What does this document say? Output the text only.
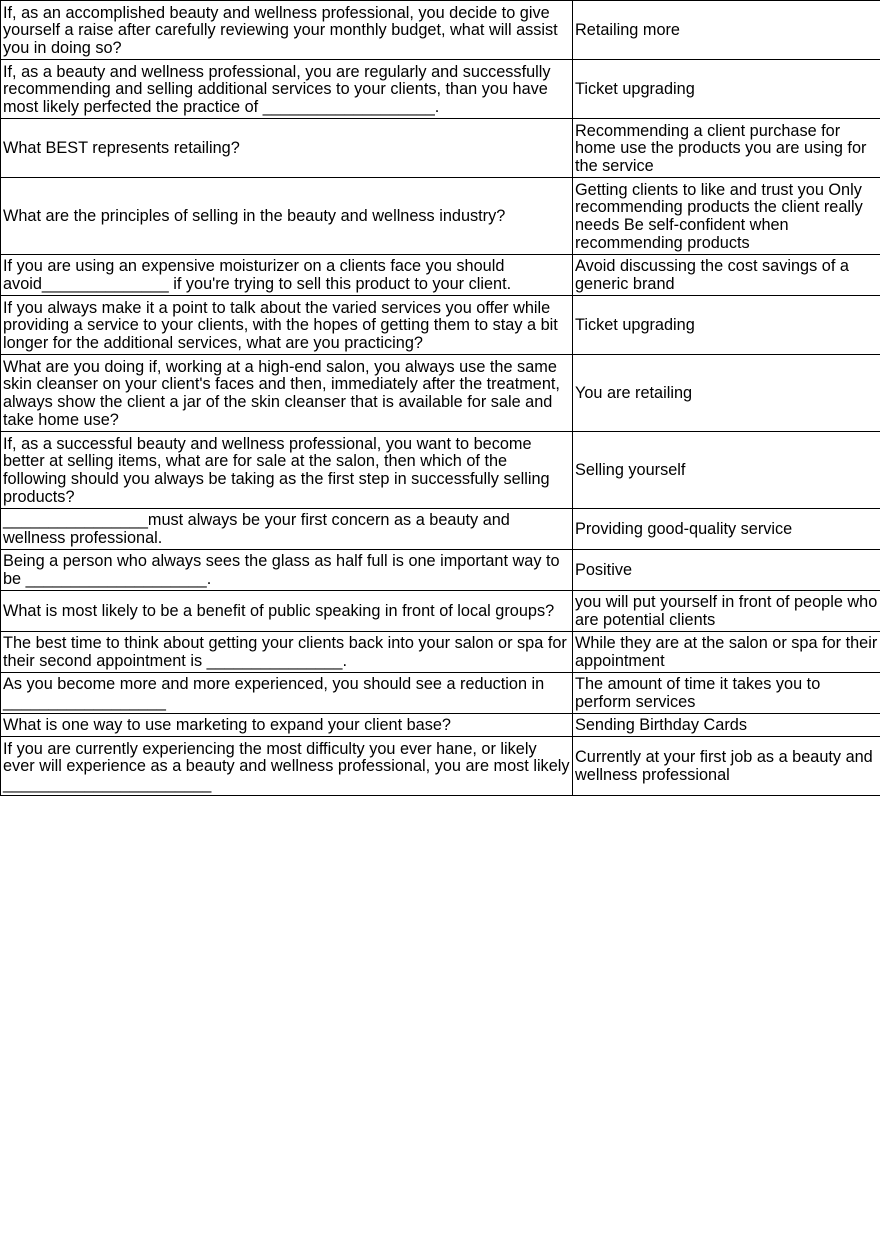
If, as an accomplished beauty and wellness professional, you decide to give yourself a raise after carefully reviewing your monthly budget, what will assist you in doing so?	Retailing more
If, as a beauty and wellness professional, you are regularly and successfully recommending and selling additional services to your clients, than you have most likely perfected the practice of ___________________.	Ticket upgrading
What BEST represents retailing?	Recommending a client purchase for home use the products you are using for the service
What are the principles of selling in the beauty and wellness industry?	Getting clients to like and trust you Only recommending products the client really needs Be self-confident when recommending products
If you are using an expensive moisturizer on a clients face you should avoid______________ if you're trying to sell this product to your client.	Avoid discussing the cost savings of a generic brand
If you always make it a point to talk about the varied services you offer while providing a service to your clients, with the hopes of getting them to stay a bit longer for the additional services, what are you practicing?	Ticket upgrading
What are you doing if, working at a high-end salon, you always use the same skin cleanser on your client's faces and then, immediately after the treatment, always show the client a jar of the skin cleanser that is available for sale and take home use?	You are retailing
If, as a successful beauty and wellness professional, you want to become better at selling items, what are for sale at the salon, then which of the following should you always be taking as the first step in successfully selling products?	Selling yourself
________________must always be your first concern as a beauty and wellness professional.	Providing good-quality service
Being a person who always sees the glass as half full is one important way to be ____________________.	Positive
What is most likely to be a benefit of public speaking in front of local groups?	you will put yourself in front of people who are potential clients
The best time to think about getting your clients back into your salon or spa for their second appointment is _______________.	While they are at the salon or spa for their appointment
As you become more and more experienced, you should see a reduction in __________________	The amount of time it takes you to perform services
What is one way to use marketing to expand your client base?	Sending Birthday Cards
If you are currently experiencing the most difficulty you ever hane, or likely ever will experience as a beauty and wellness professional, you are most likely _______________________	Currently at your first job as a beauty and wellness professional
